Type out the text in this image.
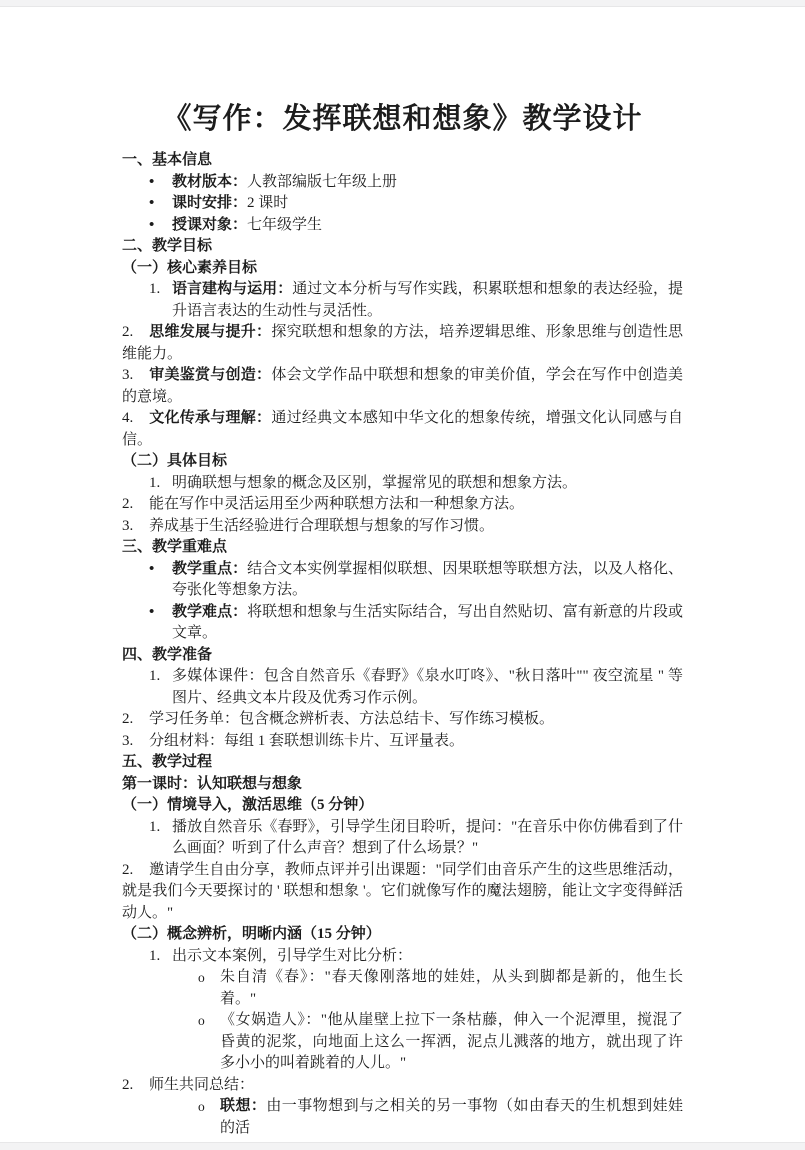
《写作：发挥联想和想象》教学设计
一、基本信息
• 教材版本：人教部编版七年级上册
• 课时安排：2 课时
• 授课对象：七年级学生
二、教学目标
（一）核心素养目标
1. 语言建构与运用：通过文本分析与写作实践，积累联想和想象的表达经验，提升语言表达的生动性与灵活性。
2. 思维发展与提升：探究联想和想象的方法，培养逻辑思维、形象思维与创造性思维能力。
3. 审美鉴赏与创造：体会文学作品中联想和想象的审美价值，学会在写作中创造美的意境。
4. 文化传承与理解：通过经典文本感知中华文化的想象传统，增强文化认同感与自信。
（二）具体目标
1. 明确联想与想象的概念及区别，掌握常见的联想和想象方法。
2. 能在写作中灵活运用至少两种联想方法和一种想象方法。
3. 养成基于生活经验进行合理联想与想象的写作习惯。
三、教学重难点
• 教学重点：结合文本实例掌握相似联想、因果联想等联想方法，以及人格化、夸张化等想象方法。
• 教学难点：将联想和想象与生活实际结合，写出自然贴切、富有新意的片段或文章。
四、教学准备
1. 多媒体课件：包含自然音乐《春野》《泉水叮咚》、"秋日落叶"" 夜空流星 " 等图片、经典文本片段及优秀习作示例。
2. 学习任务单：包含概念辨析表、方法总结卡、写作练习模板。
3. 分组材料：每组 1 套联想训练卡片、互评量表。
五、教学过程
第一课时：认知联想与想象
（一）情境导入，激活思维（5 分钟）
1. 播放自然音乐《春野》，引导学生闭目聆听，提问："在音乐中你仿佛看到了什么画面？听到了什么声音？想到了什么场景？"
2. 邀请学生自由分享，教师点评并引出课题："同学们由音乐产生的这些思维活动，就是我们今天要探讨的 ' 联想和想象 '。它们就像写作的魔法翅膀，能让文字变得鲜活动人。"
（二）概念辨析，明晰内涵（15 分钟）
1. 出示文本案例，引导学生对比分析：
o 朱自清《春》："春天像刚落地的娃娃，从头到脚都是新的，他生长着。"
o 《女娲造人》："他从崖壁上拉下一条枯藤，伸入一个泥潭里，搅混了昏黄的泥浆，向地面上这么一挥洒，泥点儿溅落的地方，就出现了许多小小的叫着跳着的人儿。"
2. 师生共同总结：
o 联想：由一事物想到与之相关的另一事物（如由春天的生机想到娃娃的活
